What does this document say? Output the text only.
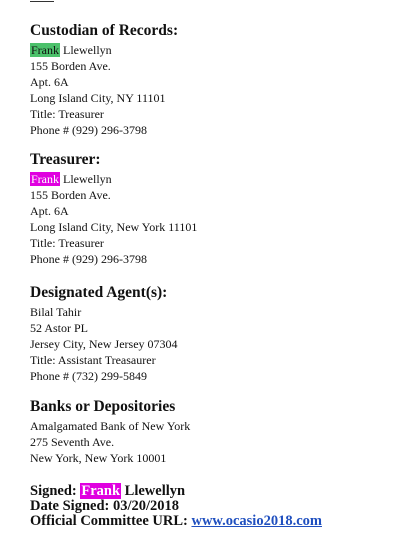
Custodian of Records:
Frank Llewellyn
155 Borden Ave.
Apt. 6A
Long Island City, NY 11101
Title: Treasurer
Phone # (929) 296-3798
Treasurer:
Frank Llewellyn
155 Borden Ave.
Apt. 6A
Long Island City, New York 11101
Title: Treasurer
Phone # (929) 296-3798
Designated Agent(s):
Bilal Tahir
52 Astor PL
Jersey City, New Jersey 07304
Title: Assistant Treasaurer
Phone # (732) 299-5849
Banks or Depositories
Amalgamated Bank of New York
275 Seventh Ave.
New York, New York 10001
Signed: Frank Llewellyn
Date Signed: 03/20/2018
Official Committee URL: www.ocasio2018.com
